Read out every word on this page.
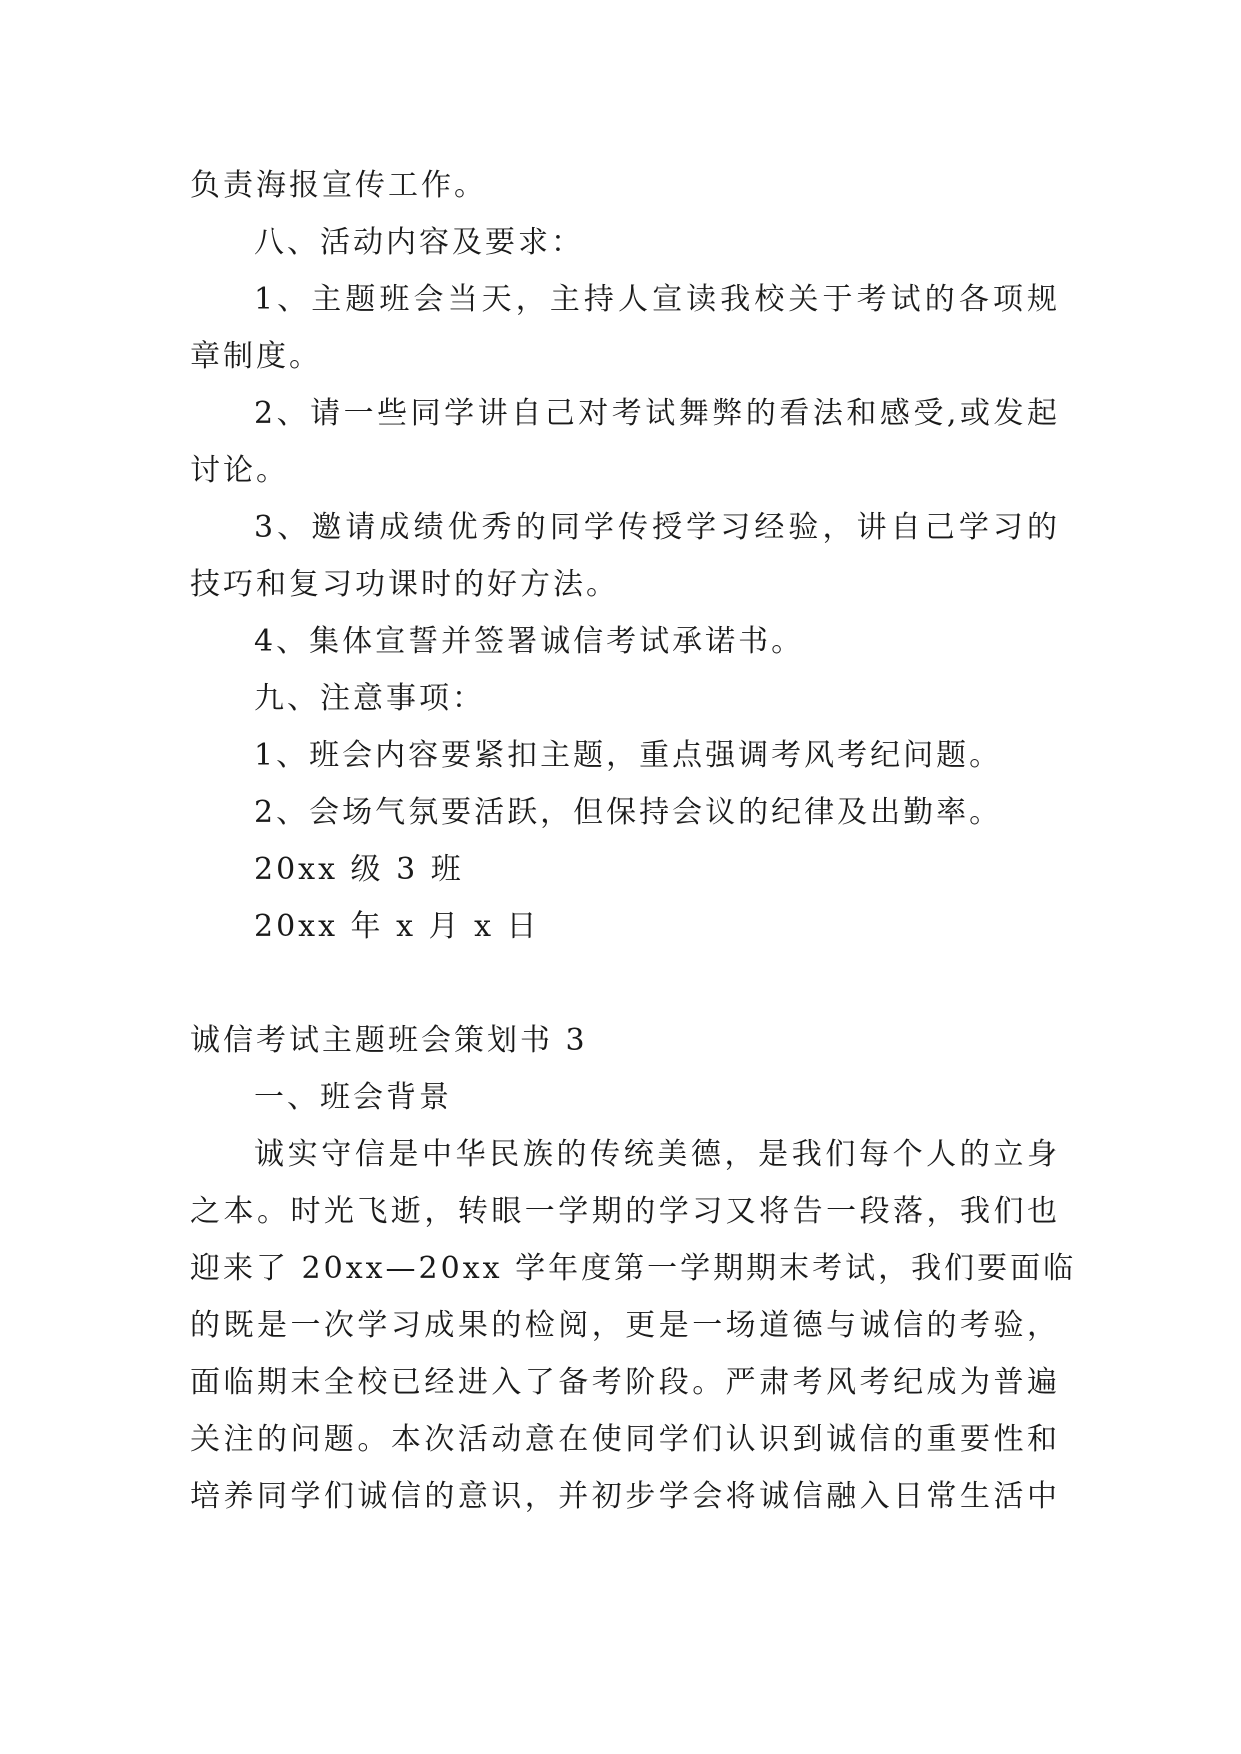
负责海报宣传工作。
八、活动内容及要求：
1、主题班会当天，主持人宣读我校关于考试的各项规
章制度。
2、请一些同学讲自己对考试舞弊的看法和感受,或发起
讨论。
3、邀请成绩优秀的同学传授学习经验，讲自己学习的
技巧和复习功课时的好方法。
4、集体宣誓并签署诚信考试承诺书。
九、注意事项：
1、班会内容要紧扣主题，重点强调考风考纪问题。
2、会场气氛要活跃，但保持会议的纪律及出勤率。
20xx 级 3 班
20xx 年 x 月 x 日
诚信考试主题班会策划书 3
一、班会背景
诚实守信是中华民族的传统美德，是我们每个人的立身
之本。时光飞逝，转眼一学期的学习又将告一段落，我们也
迎来了 20xx—20xx 学年度第一学期期末考试，我们要面临
的既是一次学习成果的检阅，更是一场道德与诚信的考验，
面临期末全校已经进入了备考阶段。严肃考风考纪成为普遍
关注的问题。本次活动意在使同学们认识到诚信的重要性和
培养同学们诚信的意识，并初步学会将诚信融入日常生活中
